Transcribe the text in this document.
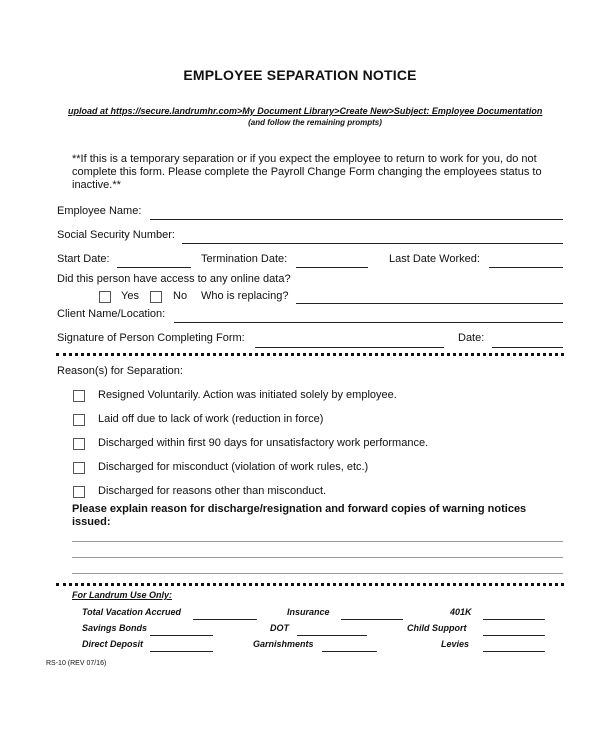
EMPLOYEE SEPARATION NOTICE
upload at https://secure.landrumhr.com>My Document Library>Create New>Subject: Employee Documentation
(and follow the remaining prompts)
**If this is a temporary separation or if you expect the employee to return to work for you, do not complete this form. Please complete the Payroll Change Form changing the employees status to inactive.**
Employee Name:
Social Security Number:
Start Date:	Termination Date:	Last Date Worked:
Did this person have access to any online data?
Yes	No Who is replacing?
Client Name/Location:
Signature of Person Completing Form:	Date:
Reason(s) for Separation:
Resigned Voluntarily. Action was initiated solely by employee.
Laid off due to lack of work (reduction in force)
Discharged within first 90 days for unsatisfactory work performance.
Discharged for misconduct (violation of work rules, etc.)
Discharged for reasons other than misconduct.
Please explain reason for discharge/resignation and forward copies of warning notices
issued:
For Landrum Use Only:
Total Vacation Accrued	Insurance	401K
Savings Bonds	DOT	Child Support
Direct Deposit	Garnishments	Levies
RS-10 (REV 07/16)
